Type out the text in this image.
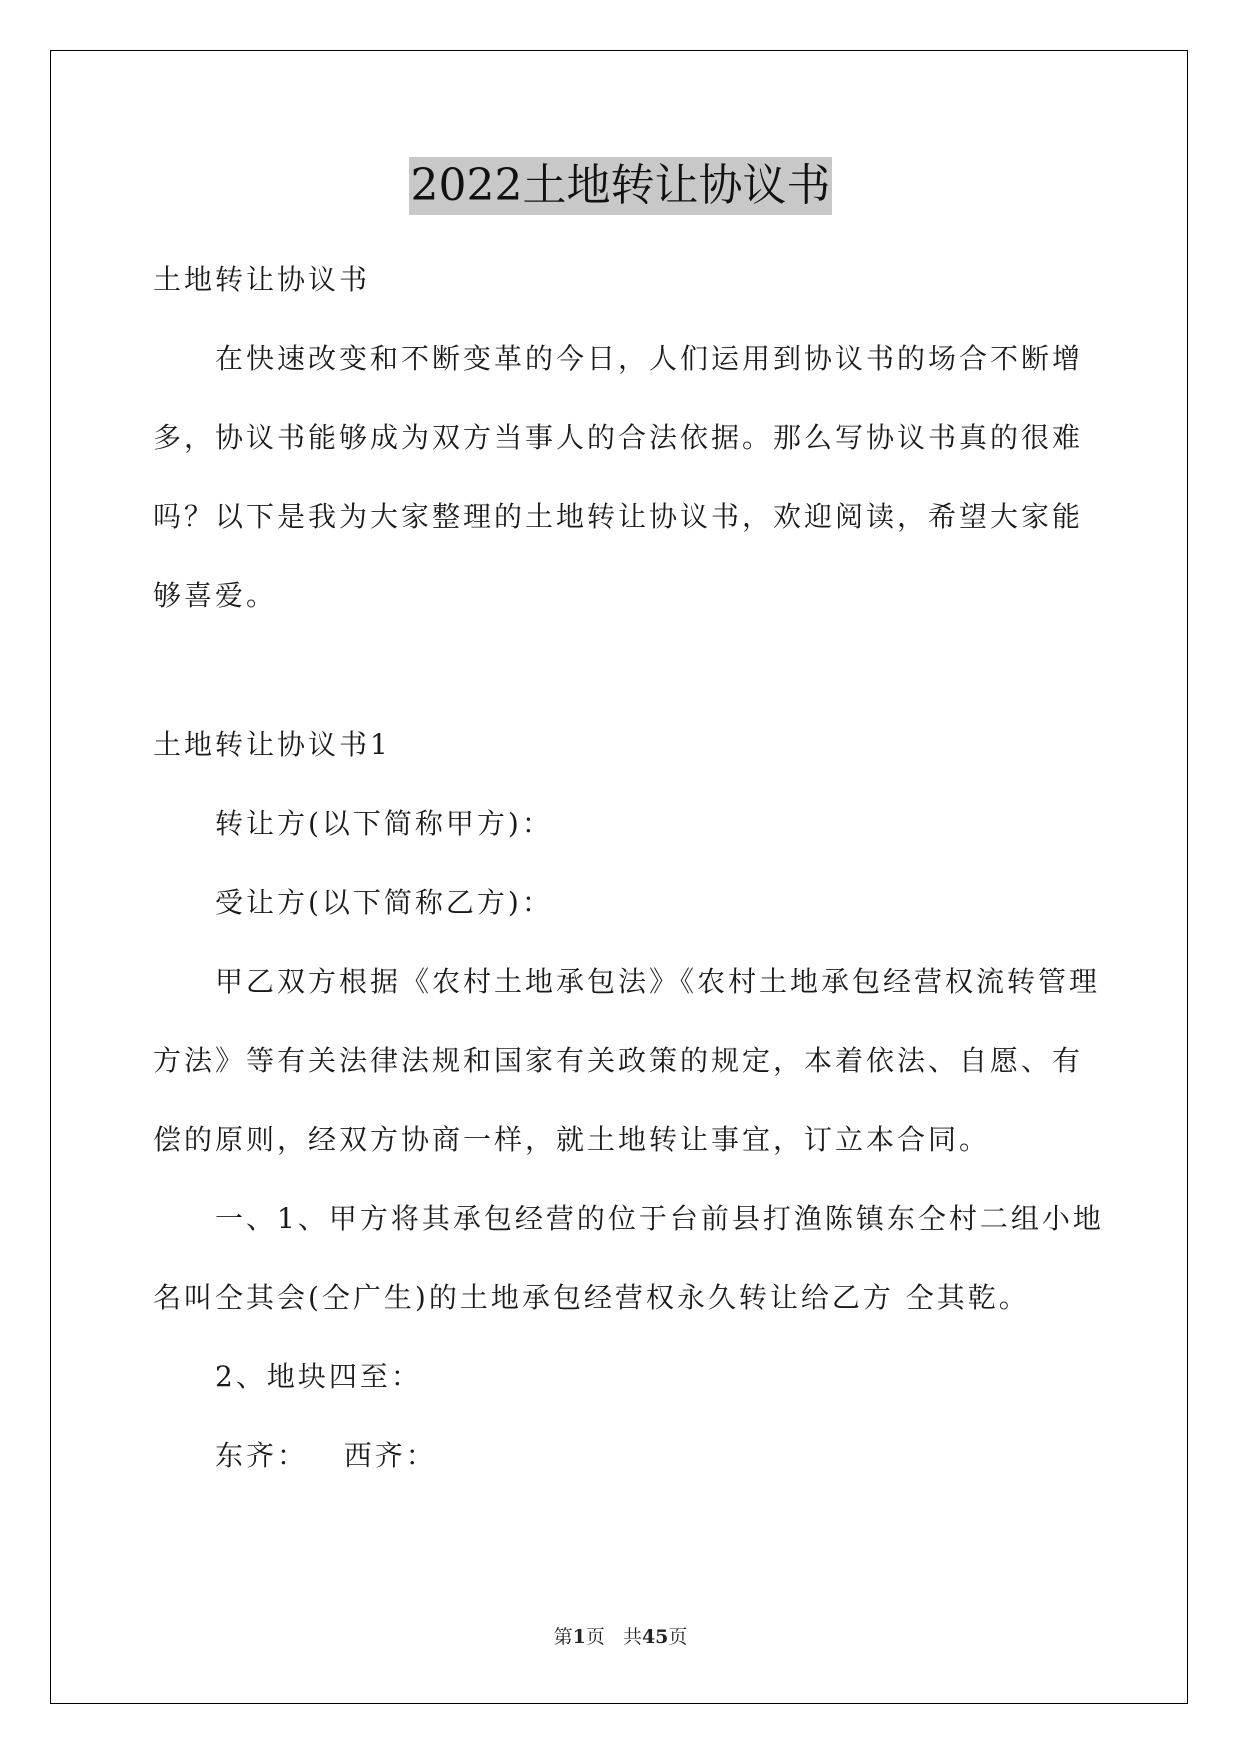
2022土地转让协议书

土地转让协议书

在快速改变和不断变革的今日，人们运用到协议书的场合不断增

多，协议书能够成为双方当事人的合法依据。那么写协议书真的很难

吗？以下是我为大家整理的土地转让协议书，欢迎阅读，希望大家能

够喜爱。

土地转让协议书1

转让方(以下简称甲方)：

受让方(以下简称乙方)：

甲乙双方根据《农村土地承包法》《农村土地承包经营权流转管理

方法》等有关法律法规和国家有关政策的规定，本着依法、自愿、有

偿的原则，经双方协商一样，就土地转让事宜，订立本合同。

一、1、甲方将其承包经营的位于台前县打渔陈镇东仝村二组小地

名叫仝其会(仝广生)的土地承包经营权永久转让给乙方 仝其乾。

2、地块四至：

东齐：   西齐：

第1页   共45页
